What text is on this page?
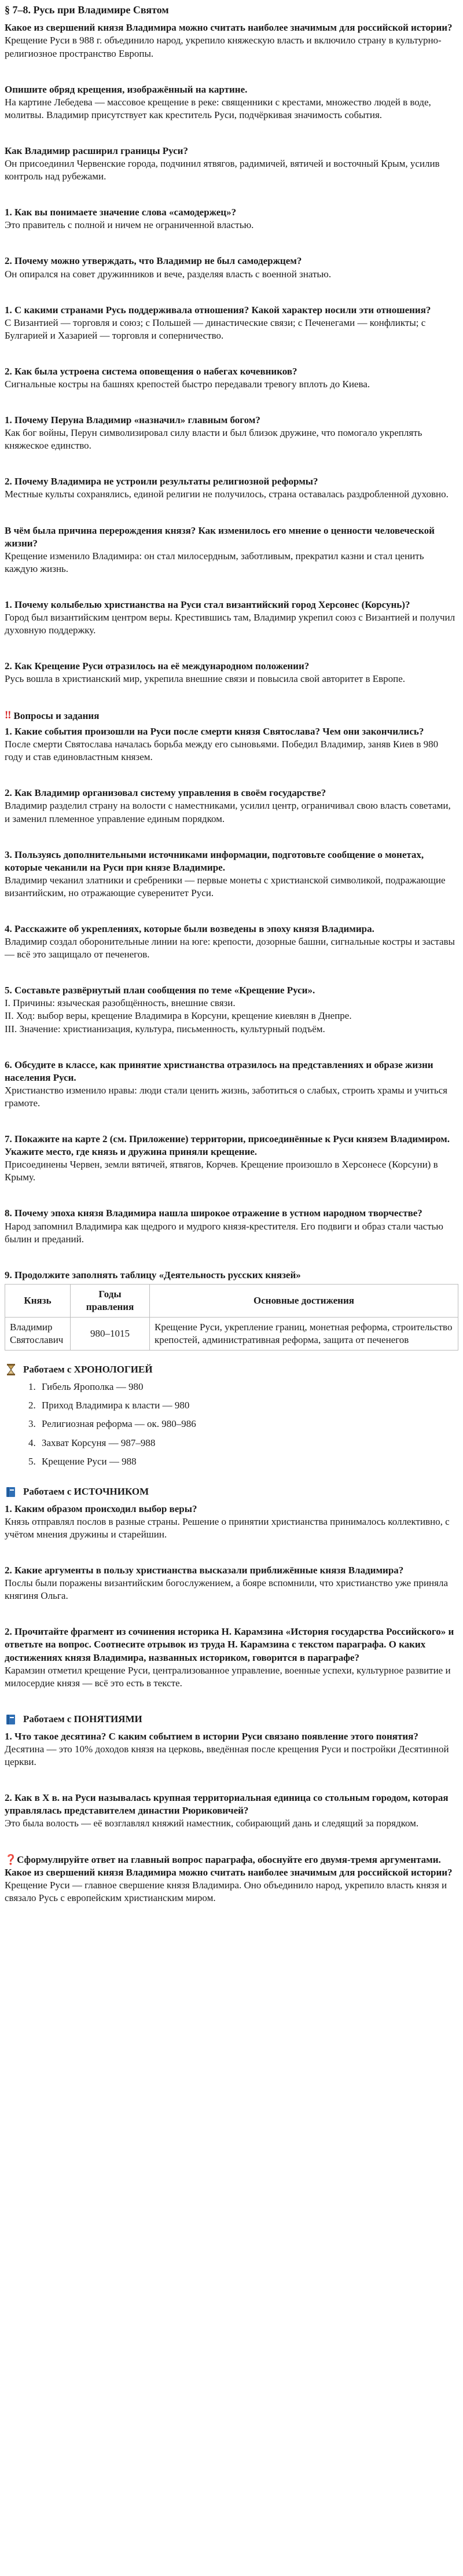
§ 7–8. Русь при Владимире Святом

Какое из свершений князя Владимира можно считать наиболее значимым для российской истории?

Крещение Руси в 988 г. объединило народ, укрепило княжескую власть и включило страну в культурно-религиозное пространство Европы.

Опишите обряд крещения, изображённый на картине.

На картине Лебедева — массовое крещение в реке: священники с крестами, множество людей в воде, молитвы. Владимир присутствует как креститель Руси, подчёркивая значимость события.

Как Владимир расширил границы Руси?

Он присоединил Червенские города, подчинил ятвягов, радимичей, вятичей и восточный Крым, усилив контроль над рубежами.

1. Как вы понимаете значение слова «самодержец»?

Это правитель с полной и ничем не ограниченной властью.

2. Почему можно утверждать, что Владимир не был самодержцем?

Он опирался на совет дружинников и вече, разделяя власть с военной знатью.

1. С какими странами Русь поддерживала отношения? Какой характер носили эти отношения?

С Византией — торговля и союз; с Польшей — династические связи; с Печенегами — конфликты; с Булгарией и Хазарией — торговля и соперничество.

2. Как была устроена система оповещения о набегах кочевников?

Сигнальные костры на башнях крепостей быстро передавали тревогу вплоть до Киева.

1. Почему Перуна Владимир «назначил» главным богом?

Как бог войны, Перун символизировал силу власти и был близок дружине, что помогало укреплять княжеское единство.

2. Почему Владимира не устроили результаты религиозной реформы?

Местные культы сохранялись, единой религии не получилось, страна оставалась раздробленной духовно.

В чём была причина перерождения князя? Как изменилось его мнение о ценности человеческой жизни?

Крещение изменило Владимира: он стал милосердным, заботливым, прекратил казни и стал ценить каждую жизнь.

1. Почему колыбелью христианства на Руси стал византийский город Херсонес (Корсунь)?

Город был византийским центром веры. Крестившись там, Владимир укрепил союз с Византией и получил духовную поддержку.

2. Как Крещение Руси отразилось на её международном положении?

Русь вошла в христианский мир, укрепила внешние связи и повысила свой авторитет в Европе.

‼ Вопросы и задания

1. Какие события произошли на Руси после смерти князя Святослава? Чем они закончились?

После смерти Святослава началась борьба между его сыновьями. Победил Владимир, заняв Киев в 980 году и став единовластным князем.

2. Как Владимир организовал систему управления в своём государстве?

Владимир разделил страну на волости с наместниками, усилил центр, ограничивал свою власть советами, и заменил племенное управление единым порядком.

3. Пользуясь дополнительными источниками информации, подготовьте сообщение о монетах, которые чеканили на Руси при князе Владимире.

Владимир чеканил златники и сребреники — первые монеты с христианской символикой, подражающие византийским, но отражающие суверенитет Руси.

4. Расскажите об укреплениях, которые были возведены в эпоху князя Владимира.

Владимир создал оборонительные линии на юге: крепости, дозорные башни, сигнальные костры и заставы — всё это защищало от печенегов.

5. Составьте развёрнутый план сообщения по теме «Крещение Руси».

I. Причины: языческая разобщённость, внешние связи.

II. Ход: выбор веры, крещение Владимира в Корсуни, крещение киевлян в Днепре.

III. Значение: христианизация, культура, письменность, культурный подъём.

6. Обсудите в классе, как принятие христианства отразилось на представлениях и образе жизни населения Руси.

Христианство изменило нравы: люди стали ценить жизнь, заботиться о слабых, строить храмы и учиться грамоте.

7. Покажите на карте 2 (см. Приложение) территории, присоединённые к Руси князем Владимиром. Укажите место, где князь и дружина приняли крещение.

Присоединены Червен, земли вятичей, ятвягов, Корчев. Крещение произошло в Херсонесе (Корсуни) в Крыму.

8. Почему эпоха князя Владимира нашла широкое отражение в устном народном творчестве?

Народ запомнил Владимира как щедрого и мудрого князя-крестителя. Его подвиги и образ стали частью былин и преданий.

9. Продолжите заполнять таблицу «Деятельность русских князей»
Князь	Годы правления	Основные достижения
Владимир Святославич	980–1015	Крещение Руси, укрепление границ, монетная реформа, строительство крепостей, административная реформа, защита от печенегов
Работаем с ХРОНОЛОГИЕЙ
1. Гибель Ярополка — 980
2. Приход Владимира к власти — 980
3. Религиозная реформа — ок. 980–986
4. Захват Корсуня — 987–988
5. Крещение Руси — 988
Работаем с ИСТОЧНИКОМ

1. Каким образом происходил выбор веры?

Князь отправлял послов в разные страны. Решение о принятии христианства принималось коллективно, с учётом мнения дружины и старейшин.

2. Какие аргументы в пользу христианства высказали приближённые князя Владимира?

Послы были поражены византийским богослужением, а бояре вспомнили, что христианство уже приняла княгиня Ольга.

2. Прочитайте фрагмент из сочинения историка Н. Карамзина «История государства Российского» и ответьте на вопрос. Соотнесите отрывок из труда Н. Карамзина с текстом параграфа. О каких достижениях князя Владимира, названных историком, говорится в параграфе?

Карамзин отметил крещение Руси, централизованное управление, военные успехи, культурное развитие и милосердие князя — всё это есть в тексте.

Работаем с ПОНЯТИЯМИ

1. Что такое десятина? С каким событием в истории Руси связано появление этого понятия?

Десятина — это 10% доходов князя на церковь, введённая после крещения Руси и постройки Десятинной церкви.

2. Как в X в. на Руси называлась крупная территориальная единица со стольным городом, которая управлялась представителем династии Рюриковичей?

Это была волость — её возглавлял княжий наместник, собирающий дань и следящий за порядком.

❓Сформулируйте ответ на главный вопрос параграфа, обоснуйте его двумя-тремя аргументами. Какое из свершений князя Владимира можно считать наиболее значимым для российской истории?

Крещение Руси — главное свершение князя Владимира. Оно объединило народ, укрепило власть князя и связало Русь с европейским христианским миром.
